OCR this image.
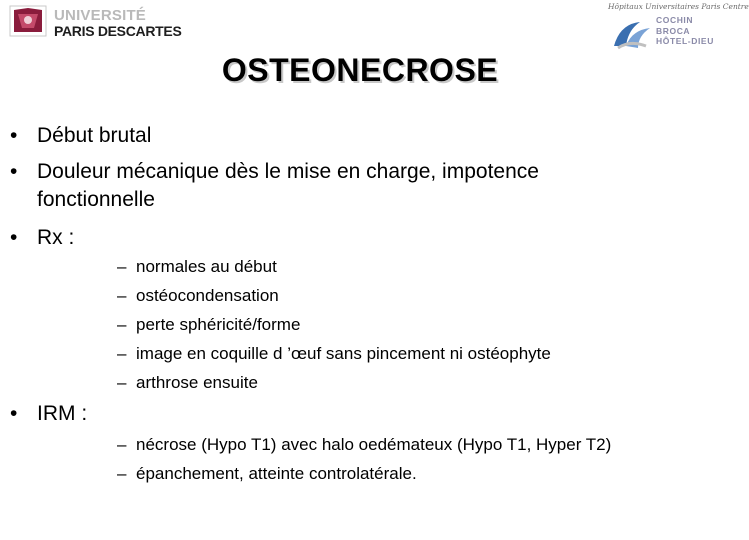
UNIVERSITÉ
PARIS DESCARTES
Hôpitaux Universitaires Paris Centre
COCHIN
BROCA
HÔTEL-DIEU
OSTEONECROSE
• Début brutal
• Douleur mécanique dès le mise en charge, impotence
fonctionnelle
• Rx :
– normales au début
– ostéocondensation
– perte sphéricité/forme
– image en coquille d ’œuf sans pincement ni ostéophyte
– arthrose ensuite
• IRM :
– nécrose (Hypo T1) avec halo oedémateux (Hypo T1, Hyper T2)
– épanchement, atteinte controlatérale.
